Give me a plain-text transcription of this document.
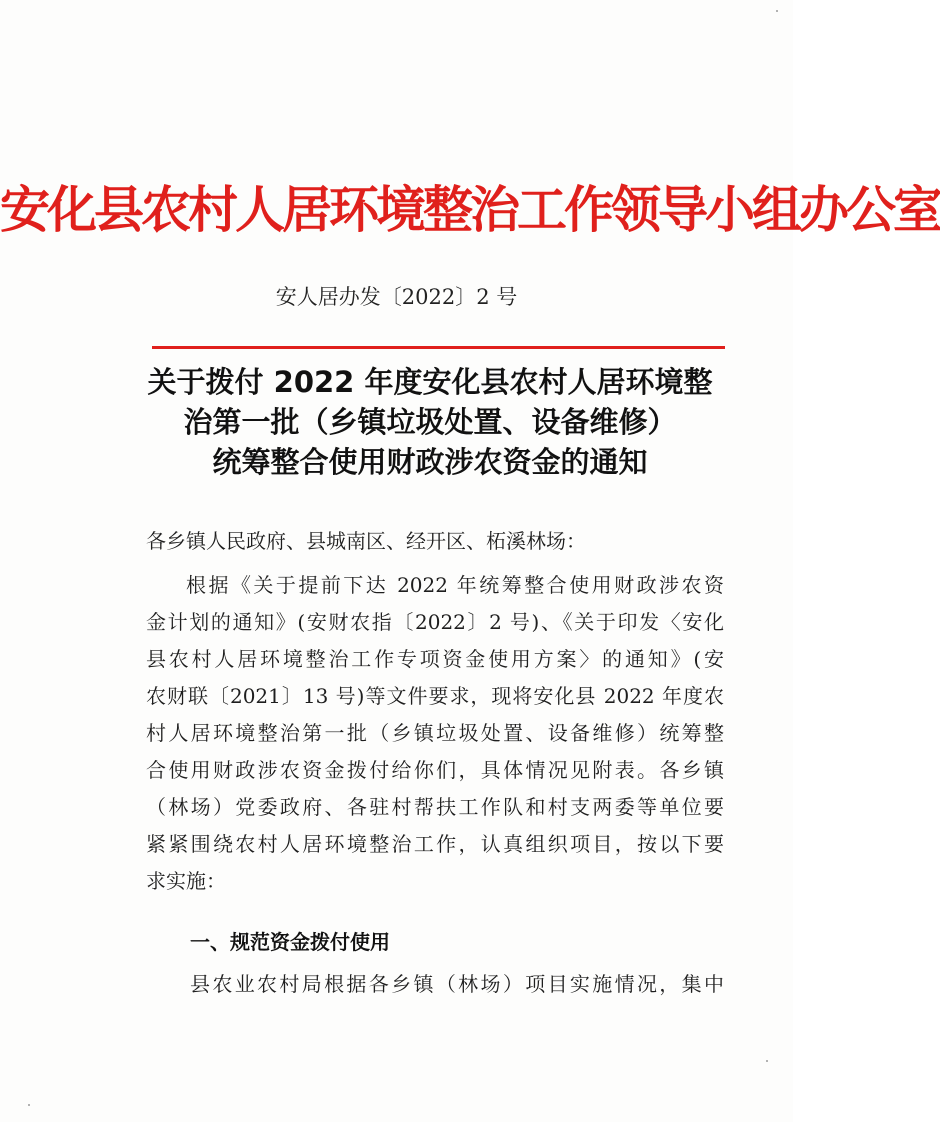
安化县农村人居环境整治工作领导小组办公室
安人居办发〔2022〕2 号
关于拨付 2022 年度安化县农村人居环境整
治第一批（乡镇垃圾处置、设备维修）
统筹整合使用财政涉农资金的通知
各乡镇人民政府、县城南区、经开区、柘溪林场：
根据《关于提前下达 2022 年统筹整合使用财政涉农资
金计划的通知》(安财农指〔2022〕2 号)、《关于印发〈安化
县农村人居环境整治工作专项资金使用方案〉的通知》(安
农财联〔2021〕13 号)等文件要求，现将安化县 2022 年度农
村人居环境整治第一批（乡镇垃圾处置、设备维修）统筹整
合使用财政涉农资金拨付给你们，具体情况见附表。各乡镇
（林场）党委政府、各驻村帮扶工作队和村支两委等单位要
紧紧围绕农村人居环境整治工作，认真组织项目，按以下要
求实施：
一、规范资金拨付使用
县农业农村局根据各乡镇（林场）项目实施情况，集中
